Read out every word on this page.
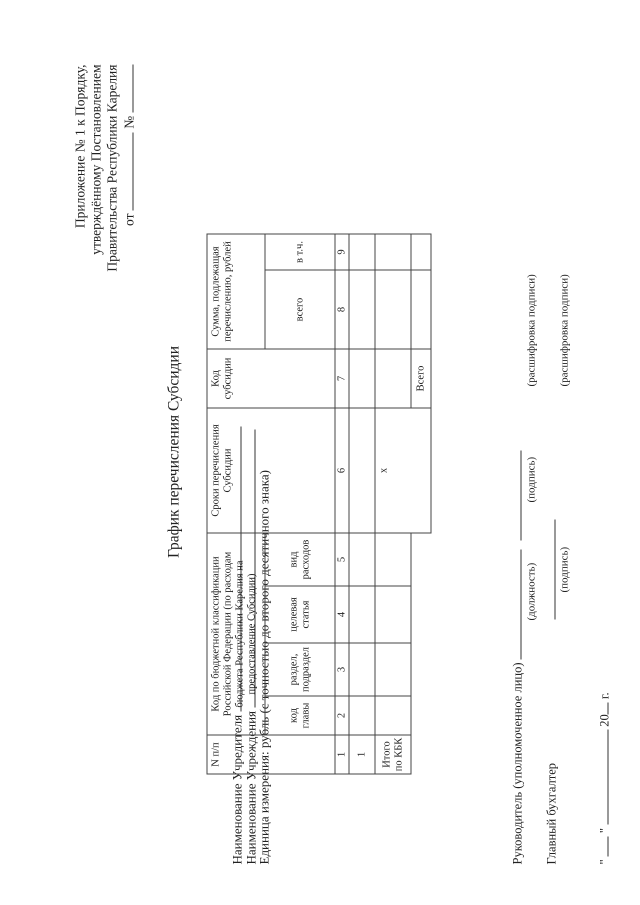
Приложение № 1 к Порядку, утверждённому Постановлением Правительства Республики Карелия от  №
График перечисления Субсидии
Наименование Учредителя Наименование Учреждения
Единица измерения: рубль (с точностью до второго десятичного знака)
N п/п	Код по бюджетной классификации Российской Федерации (по расходам бюджета Республики Карелия на предоставление Субсидии)				Сроки перечисления Субсидии	Код субсидии	Сумма, подлежащая перечислению, рублей	
	код главы	раздел, подраздел	целевая статья	вид расходов			всего	в т.ч.
1	2	3	4	5	6	7	8	9
1								
Итого по КБК					x			
						Всего		
Руководитель (уполномоченное лицо)
(должность)
(подпись)
(расшифровка подписи)
Главный бухгалтер
(подпись)
(расшифровка подписи)
"  "  20 г.
